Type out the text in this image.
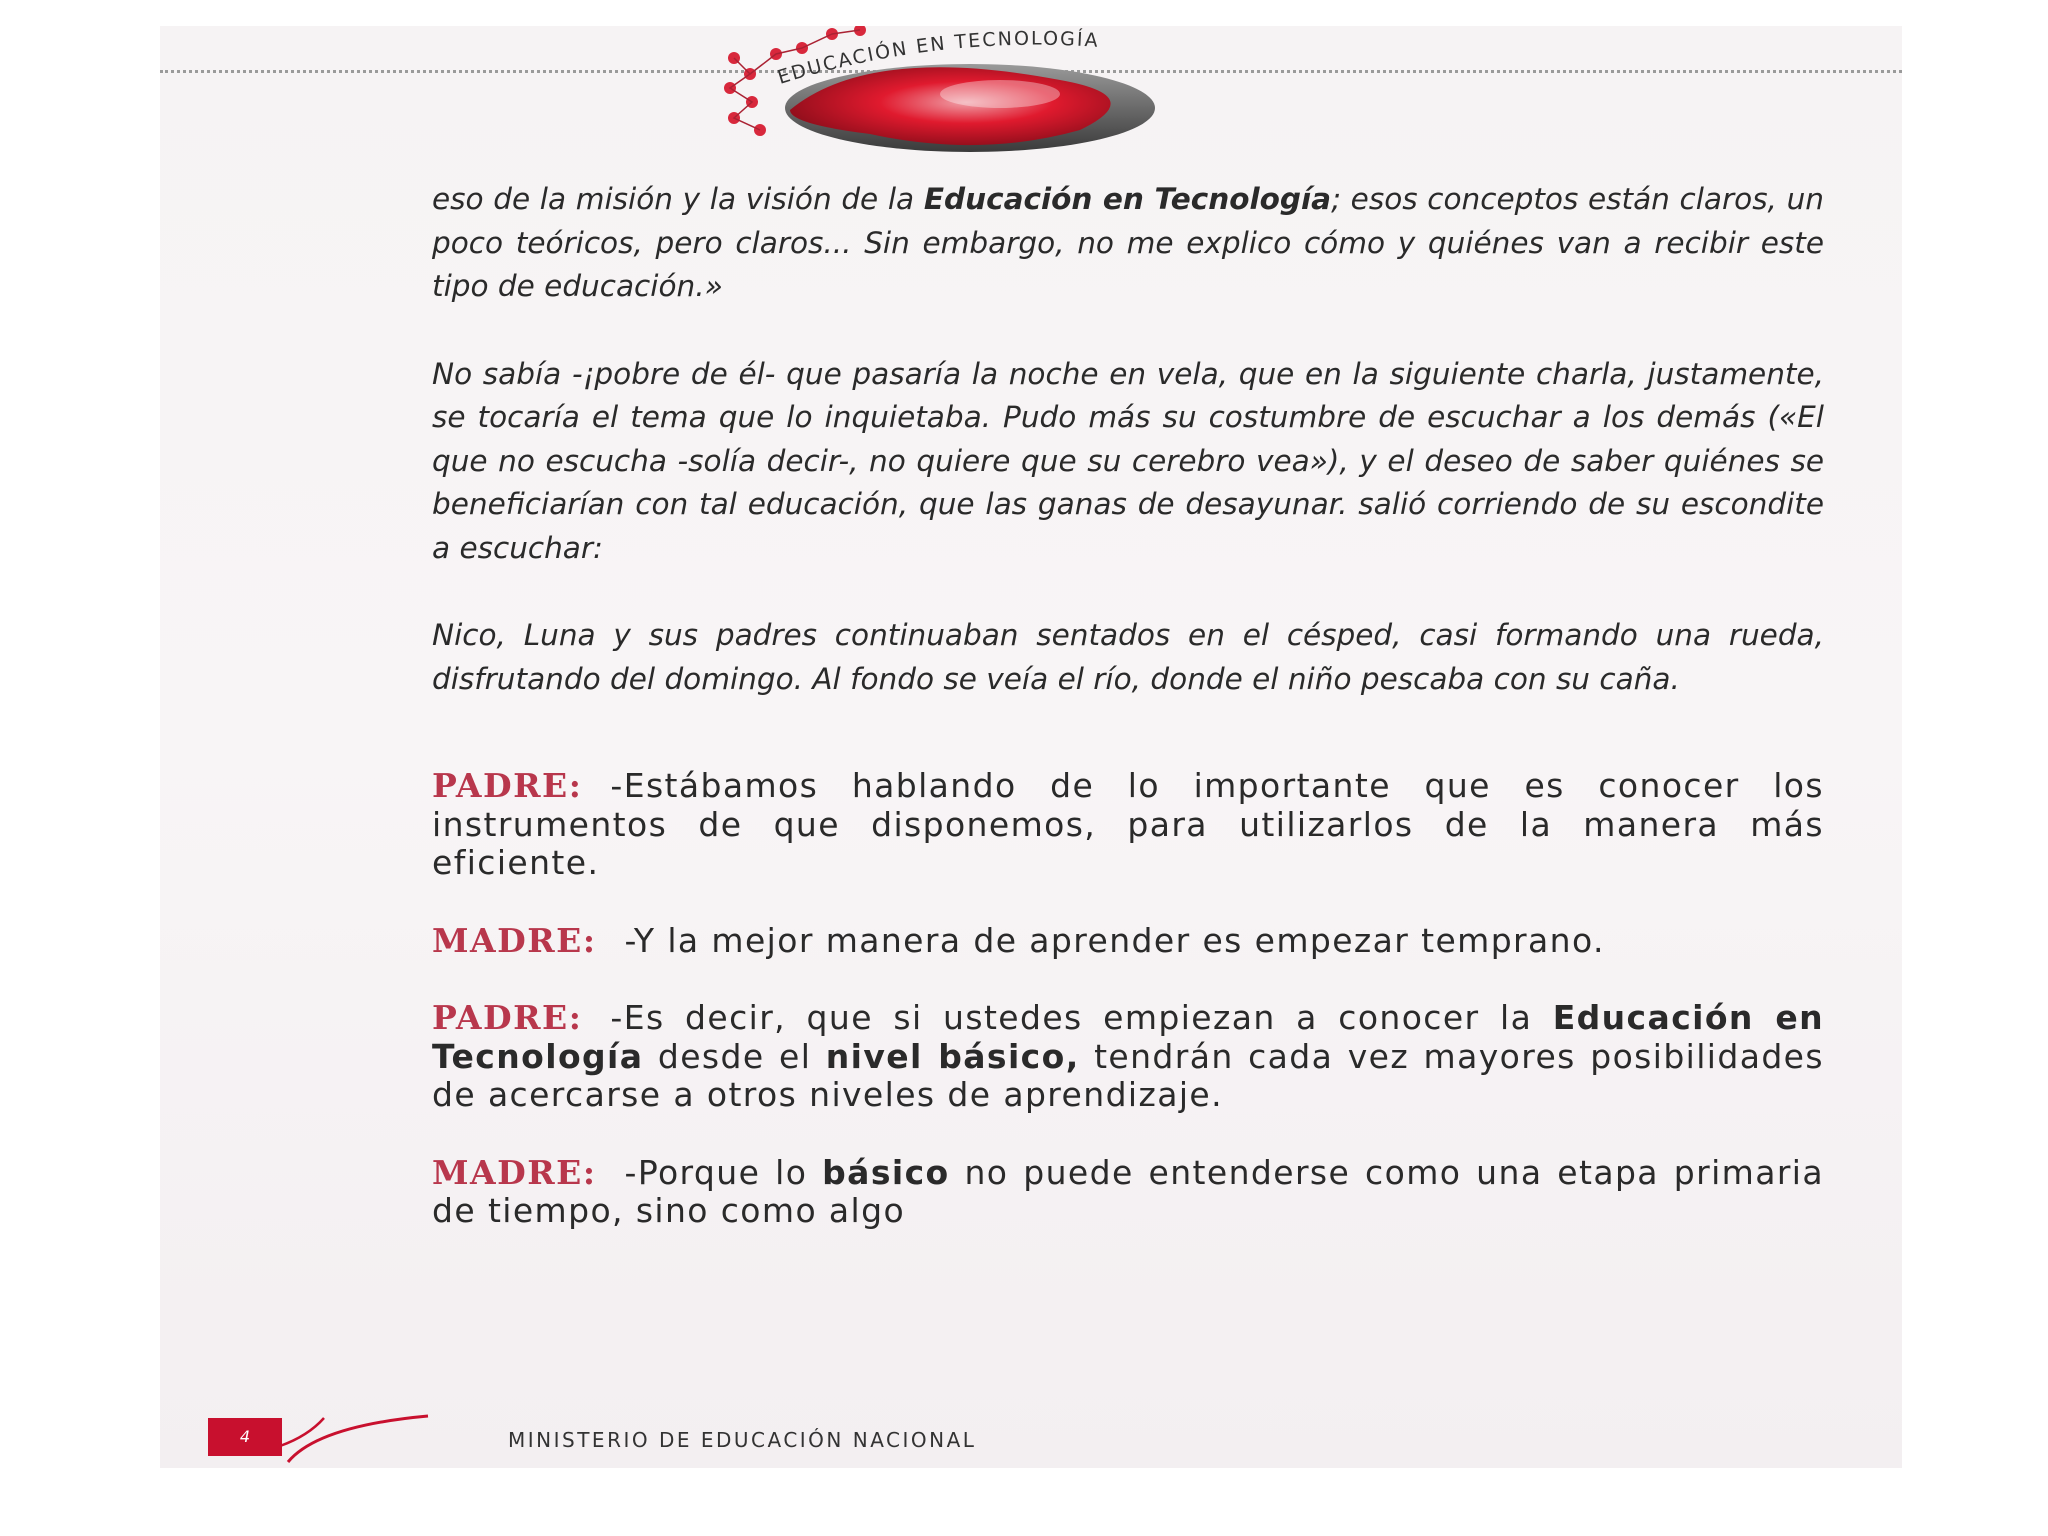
EDUCACIÓN EN TECNOLOGÍA

eso de la misión y la visión de la Educación en Tecnología; esos conceptos están claros, un poco teóricos, pero claros... Sin embargo, no me explico cómo y quiénes van a recibir este tipo de educación.»

No sabía -¡pobre de él- que pasaría la noche en vela, que en la siguiente charla, justamente, se tocaría el tema que lo inquietaba. Pudo más su costumbre de escuchar a los demás («El que no escucha -solía decir-, no quiere que su cerebro vea»), y el deseo de saber quiénes se beneficiarían con tal educación, que las ganas de desayunar. salió corriendo de su escondite a escuchar:

Nico, Luna y sus padres continuaban sentados en el césped, casi formando una rueda, disfrutando del domingo. Al fondo se veía el río, donde el niño pescaba con su caña.

PADRE: -Estábamos hablando de lo importante que es conocer los instrumentos de que disponemos, para utilizarlos de la manera más eficiente.

MADRE: -Y la mejor manera de aprender es empezar temprano.

PADRE: -Es decir, que si ustedes empiezan a conocer la Educación en Tecnología desde el nivel básico, tendrán cada vez mayores posibilidades de acercarse a otros niveles de aprendizaje.

MADRE: -Porque lo básico no puede entenderse como una etapa primaria de tiempo, sino como algo

4	MINISTERIO DE EDUCACIÓN NACIONAL
